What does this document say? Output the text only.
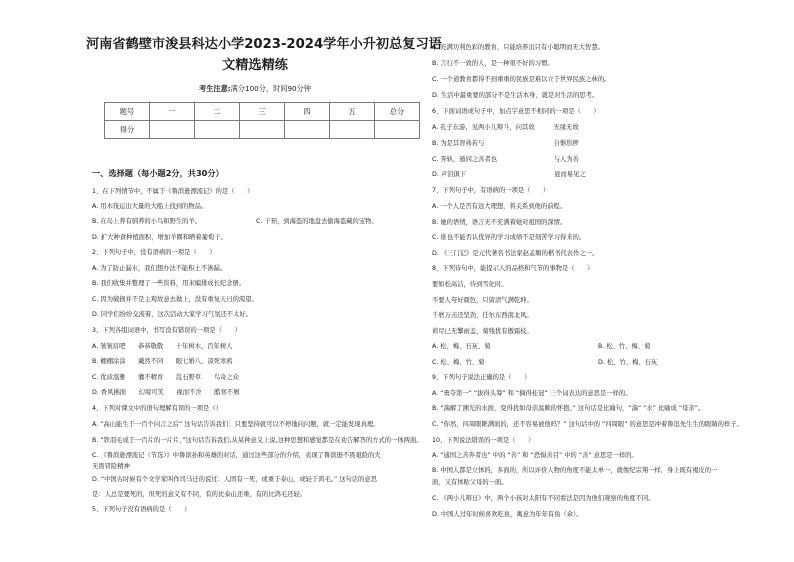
河南省鹤壁市浚县科达小学2023-2024学年小升初总复习语
文精选精练
考生注意:满分100分，时间90分钟
题号	一	二	三	四	五	总分
得分						
一、选择题（每小题2分，共30分）
1、在下列情节中，不属于《鲁滨逊漂流记》的是（　　）
A. 用木筏运出大量的大船上找到的物品。
B. 在岛上养有驯养的小鸟和野生的羊。	C. 干预，到海盗的地盘去偷海盗藏的宝物。
D. 扩大种食种植面积，增加羊圈和晒着葡萄干。
2、下列句子中，没有语病的一项是（　　）
A. 为了防止漏水，我们想办法不能积土不渗漏。
B. 我们收集并整理了一些资料，用来编排成长纪念册。
C. 因为破损并不是主观故意去做上，没有重复天日的渴望。
D. 同学们纷纷交流着，这次活动大家学习气氛还不太好。
3、下列各组词语中，书写没有错误的一项是（　　）
A. 皱皱眉吧　　恭恭敬敬　　十年树木，百年树人
B. 棚棚涂涂　　戴然不同　　眼七婚八，凉死寒鸦
C. 优质温雅　　囊不精育　　乱石野草　　鸟奇之众
D. 香风拂面　　幻境可笑　　视而不舍　　酷寒不屑
4、下列对课文中的语句理解有误的一项是（）
A. “高山能生于一百个问言之后” 这句话告诉我们：只要坚持就可以不停地问问题，就一定能发现真理。
B. “铁羽毛成于一百片的一片片，”这句话告诉我们,从某种意义上说,这种思想和感觉都是在劝告解答的方式的一体两面。
C. 《鲁滨逊漂流记（节选）》中鲁滨孙和英雄的对话，通过这些部分的介绍，表现了鲁滨逊不畏艰险的大
无畏冒险精神
D. “中国古时候有个文学家叫作司马迁的说过：人固有一死，或重于泰山，或轻于鸿毛。” 这句话的意思
是：人总是要死的，但死的意义有不同，有的比泰山还重，有的比鸿毛还轻。
5、下列句子没有语病的是（　　）
A. 充满功利色彩的教育，只能培养出只有小聪明而无大智慧。
B. 言行不一致的人，是一种很不好的习惯。
C. 一个道教育都得不到重重的民族是难以立于世界民族之林的。
D. 生活中最重要的部分不是生活本身，就是对生活的思考。
6、下面词语或句子中，加点字意思不相同的一项是（　　）
A. 孔子东游，见两小儿辩斗，问其故　　　无缘无故
B. 为是其智弗若与　　　　　　　　　　　自惭形秽
C. 奔轨，遁同之善者也　　　　　　　　　与人为善
D. 声泪俱下　　　　　　　　　　　　　　显而易见之
7、下列句子中，有语病的一项是（　　）
A. 一个人是否有远大理想，将关系到他的前程。
B. 她的语情，语言无不充满着她对祖国的深情。
C. 谁也不能否认优异的学习成绩不是刻苦学习得来的。
D. 《三门记》是元代著名书法家赵孟頫的楷书代表作之一。
8、下列诗句中，能提示人的品格和气节的事物是（　　）
要如松高洁，待到雪化时。
不要人夸好颜色，只留清气满乾坤。
千磨万击还坚劲，任尔东西南北风。
荷尽已无擎雨盖，菊残犹有傲霜枝。
A. 松、梅、石灰、菊	B. 松、竹、梅、菊
C. 松、梅、竹、菊	D. 松、竹、梅、石灰
9、下列句子说法正确的是（　　）
A. “勇夺第一” “拔得头筹” 和 “摘得桂冠” 三个词表达的意思是一样的。
B. “湍解了溯光的水面，变得犹如母亲温顺的怀抱。” 这句话是比喻句，“湍” “水” 比喻成 “母亲”。
C. “你然，四周眼眶满润的，还不容易被他吗？” 这句话中的 “四周眼” 的意思是冲着鲁迅先生生的眼睛的样子。
10、下列说法错误的一项是（　　）
A. “通国之善奔者也” 中的 “善” 和 “恐惧善目” 中的 “善” 意思是一样的。
B. 中国人都是立体的，多面的，所以评价人物的角度不能太单一，就像纪宗翔一样，身上既有褐皮的一
面，又有体贴父母的一面。
C. 《两小儿辩日》中，两个小孩对太阳有不同看法是因为他们观察的角度不同。
D. 中国人过年时候喜欢吃鱼，寓意为年年有鱼（余）。
